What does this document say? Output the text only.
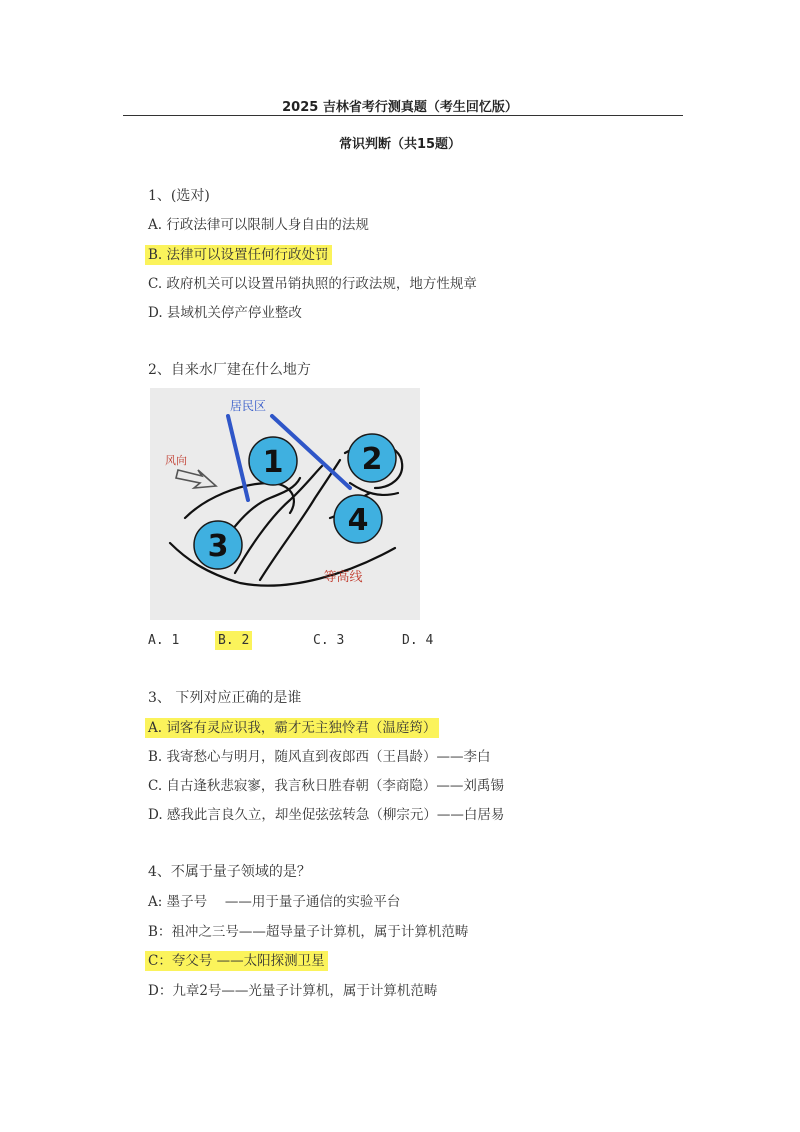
2025 吉林省考行测真题（考生回忆版）
常识判断（共15题）
1、(选对)
A. 行政法律可以限制人身自由的法规
B. 法律可以设置任何行政处罚
C. 政府机关可以设置吊销执照的行政法规，地方性规章
D. 县域机关停产停业整改
2、自来水厂建在什么地方
1	2
3
4
居民区
风向
等高线
A. 1	B. 2	C. 3	D. 4
3、 下列对应正确的是谁
A. 词客有灵应识我，霸才无主独怜君（温庭筠）
B. 我寄愁心与明月，随风直到夜郎西（王昌龄）——李白
C. 自古逢秋悲寂寥，我言秋日胜春朝（李商隐）——刘禹锡
D. 感我此言良久立，却坐促弦弦转急（柳宗元）——白居易
4、不属于量子领域的是？
A: 墨子号　 ——用于量子通信的实验平台
B：祖冲之三号——超导量子计算机，属于计算机范畴
C：夸父号 ——太阳探测卫星
D：九章2号——光量子计算机，属于计算机范畴
